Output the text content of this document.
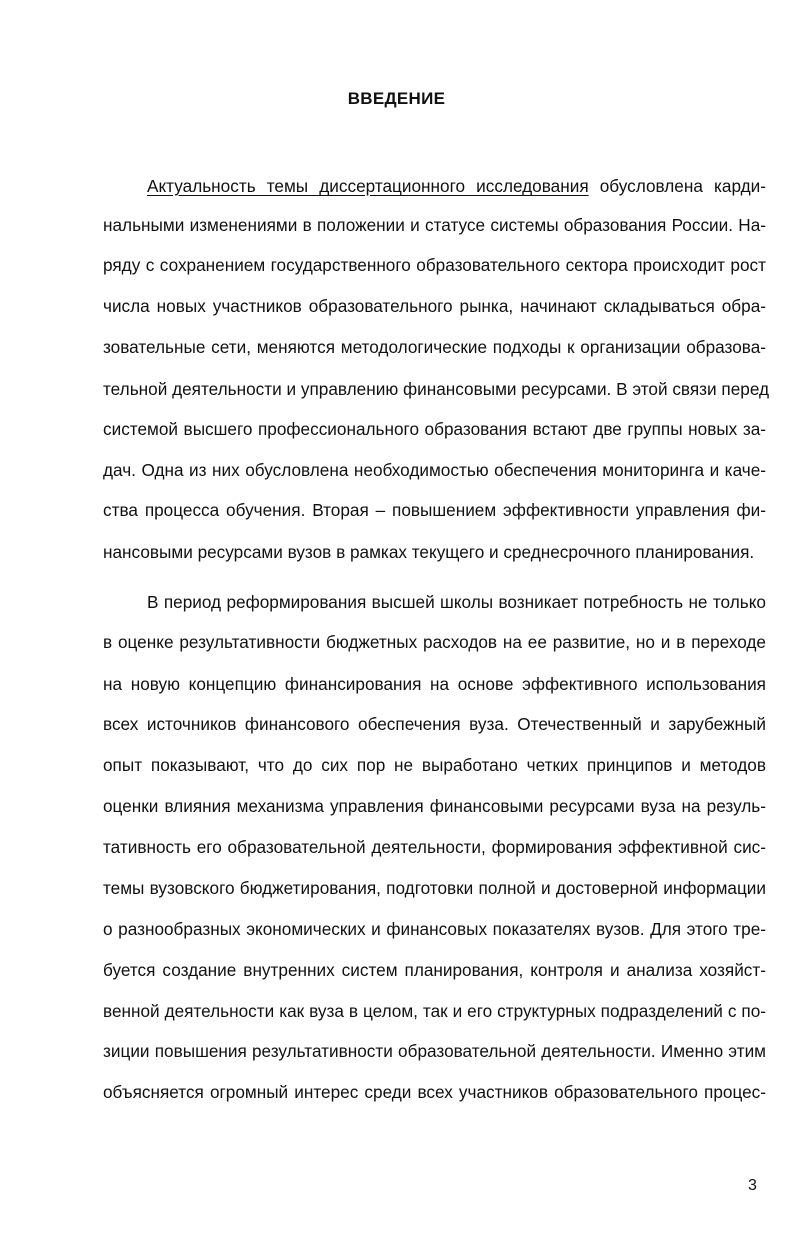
ВВЕДЕНИЕ
Актуальность темы диссертационного исследования обусловлена карди-
нальными изменениями в положении и статусе системы образования России. На-
ряду с сохранением государственного образовательного сектора происходит рост
числа новых участников образовательного рынка, начинают складываться обра-
зовательные сети, меняются методологические подходы к организации образова-
тельной деятельности и управлению финансовыми ресурсами. В этой связи перед
системой высшего профессионального образования встают две группы новых за-
дач. Одна из них обусловлена необходимостью обеспечения мониторинга и каче-
ства процесса обучения. Вторая – повышением эффективности управления фи-
нансовыми ресурсами вузов в рамках текущего и среднесрочного планирования.
В период реформирования высшей школы возникает потребность не только
в оценке результативности бюджетных расходов на ее развитие, но и в переходе
на новую концепцию финансирования на основе эффективного использования
всех источников финансового обеспечения вуза. Отечественный и зарубежный
опыт показывают, что до сих пор не выработано четких принципов и методов
оценки влияния механизма управления финансовыми ресурсами вуза на резуль-
тативность его образовательной деятельности, формирования эффективной сис-
темы вузовского бюджетирования, подготовки полной и достоверной информации
о разнообразных экономических и финансовых показателях вузов. Для этого тре-
буется создание внутренних систем планирования, контроля и анализа хозяйст-
венной деятельности как вуза в целом, так и его структурных подразделений с по-
зиции повышения результативности образовательной деятельности. Именно этим
объясняется огромный интерес среди всех участников образовательного процес-
3
